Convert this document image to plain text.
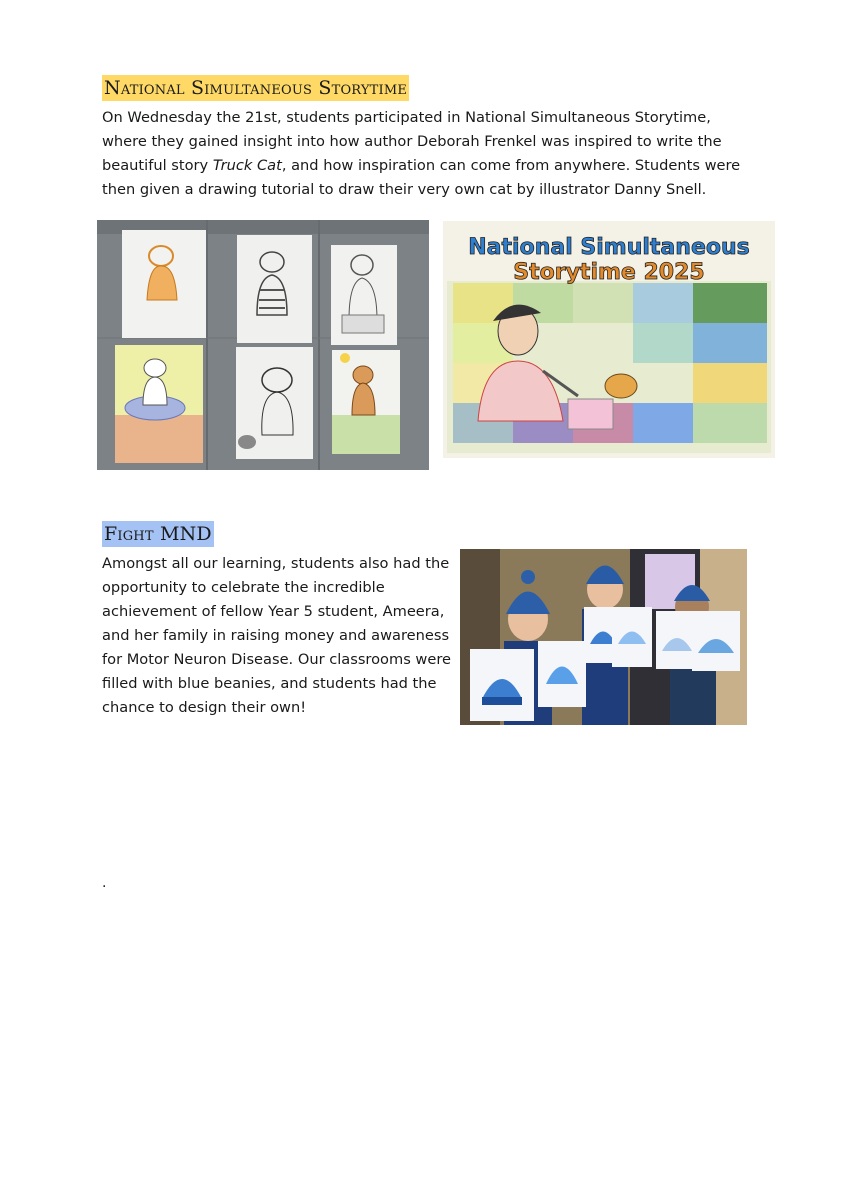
National Simultaneous Storytime

On Wednesday the 21st, students participated in National Simultaneous Storytime, where they gained insight into how author Deborah Frenkel was inspired to write the beautiful story Truck Cat, and how inspiration can come from anywhere. Students were then given a drawing tutorial to draw their very own cat by illustrator Danny Snell.

National Simultaneous
Storytime 2025
Fight MND

Amongst all our learning, students also had the opportunity to celebrate the incredible achievement of fellow Year 5 student, Ameera, and her family in raising money and awareness for Motor Neuron Disease. Our classrooms were filled with blue beanies, and students had the chance to design their own!

.
